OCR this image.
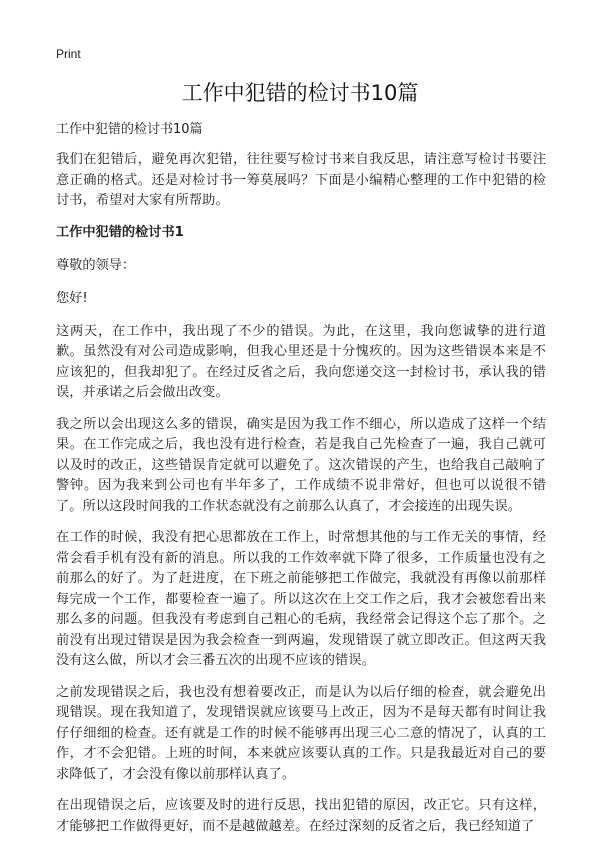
Print
工作中犯错的检讨书10篇
工作中犯错的检讨书10篇

我们在犯错后，避免再次犯错，往往要写检讨书来自我反思，请注意写检讨书要注意正确的格式。还是对检讨书一筹莫展吗？下面是小编精心整理的工作中犯错的检讨书，希望对大家有所帮助。

工作中犯错的检讨书1
尊敬的领导：
您好!

这两天，在工作中，我出现了不少的错误。为此，在这里，我向您诚挚的进行道歉。虽然没有对公司造成影响，但我心里还是十分愧疚的。因为这些错误本来是不应该犯的，但我却犯了。在经过反省之后，我向您递交这一封检讨书，承认我的错误，并承诺之后会做出改变。

我之所以会出现这么多的错误，确实是因为我工作不细心，所以造成了这样一个结果。在工作完成之后，我也没有进行检查，若是我自己先检查了一遍，我自己就可以及时的改正，这些错误肯定就可以避免了。这次错误的产生，也给我自己敲响了警钟。因为我来到公司也有半年多了，工作成绩不说非常好，但也可以说很不错了。所以这段时间我的工作状态就没有之前那么认真了，才会接连的出现失误。

在工作的时候，我没有把心思都放在工作上，时常想其他的与工作无关的事情，经常会看手机有没有新的消息。所以我的工作效率就下降了很多，工作质量也没有之前那么的好了。为了赶进度，在下班之前能够把工作做完，我就没有再像以前那样每完成一个工作，都要检查一遍了。所以这次在上交工作之后，我才会被您看出来那么多的问题。但我没有考虑到自己粗心的毛病，我经常会记得这个忘了那个。之前没有出现过错误是因为我会检查一到两遍，发现错误了就立即改正。但这两天我没有这么做，所以才会三番五次的出现不应该的错误。

之前发现错误之后，我也没有想着要改正，而是认为以后仔细的检查，就会避免出现错误。现在我知道了，发现错误就应该要马上改正，因为不是每天都有时间让我仔仔细细的检查。还有就是工作的时候不能够再出现三心二意的情况了，认真的工作，才不会犯错。上班的时间，本来就应该要认真的工作。只是我最近对自己的要求降低了，才会没有像以前那样认真了。

在出现错误之后，应该要及时的进行反思，找出犯错的原因，改正它。只有这样，才能够把工作做得更好，而不是越做越差。在经过深刻的反省之后，我已经知道了
